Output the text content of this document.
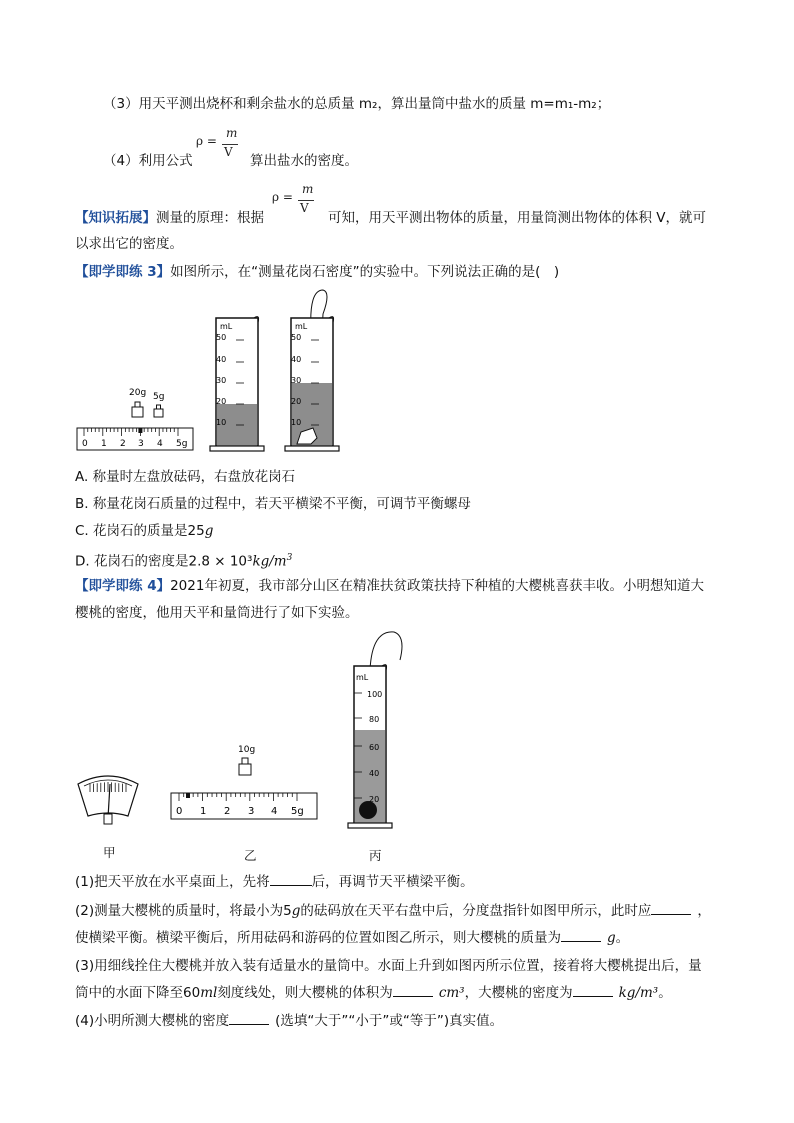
（3）用天平测出烧杯和剩余盐水的总质量 m₂，算出量筒中盐水的质量 m=m₁-m₂；
（4）利用公式
ρ =
m
V
算出盐水的密度。
【知识拓展】测量的原理：根据
ρ =
m
V
可知，用天平测出物体的质量，用量筒测出物体的体积 V，就可
以求出它的密度。
【即学即练 3】如图所示，在“测量花岗石密度”的实验中。下列说法正确的是(　)
20g 5g
0 1 2 3 4 5g
mL
50
40
30
20
10
mL
50
40
30
20
10
A. 称量时左盘放砝码，右盘放花岗石
B. 称量花岗石质量的过程中，若天平横梁不平衡，可调节平衡螺母
C. 花岗石的质量是25g
D. 花岗石的密度是$2.8 \times 10^3kg/m^3$
【即学即练 4】2021年初夏，我市部分山区在精准扶贫政策扶持下种植的大樱桃喜获丰收。小明想知道大
樱桃的密度，他用天平和量筒进行了如下实验。
甲
10g
0 1 2 3 4 5g
乙
mL
100
80
60
40
20
丙
(1)把天平放在水平桌面上，先将	后，再调节天平横梁平衡。
(2)测量大樱桃的质量时，将最小为5g的砝码放在天平右盘中后，分度盘指针如图甲所示，此时应	，
使横梁平衡。横梁平衡后，所用砝码和游码的位置如图乙所示，则大樱桃的质量为	g。
(3)用细线拴住大樱桃并放入装有适量水的量筒中。水面上升到如图丙所示位置，接着将大樱桃提出后，量
筒中的水面下降至60ml刻度线处，则大樱桃的体积为	cm³，大樱桃的密度为	kg/m³。
(4)小明所测大樱桃的密度	(选填“大于”“小于”或“等于”)真实值。
